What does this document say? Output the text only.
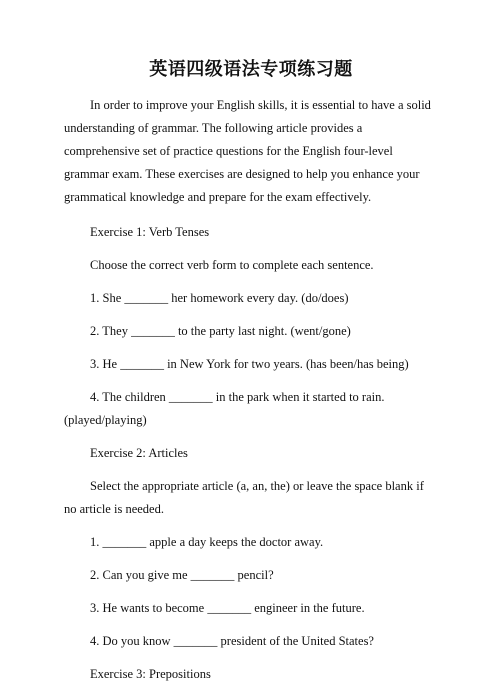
英语四级语法专项练习题

In order to improve your English skills, it is essential to have a solid understanding of grammar. The following article provides a comprehensive set of practice questions for the English four-level grammar exam. These exercises are designed to help you enhance your grammatical knowledge and prepare for the exam effectively.

Exercise 1: Verb Tenses

Choose the correct verb form to complete each sentence.

1. She _______ her homework every day. (do/does)

2. They _______ to the party last night. (went/gone)

3. He _______ in New York for two years. (has been/has being)

4. The children _______ in the park when it started to rain. (played/playing)

Exercise 2: Articles

Select the appropriate article (a, an, the) or leave the space blank if no article is needed.

1. _______ apple a day keeps the doctor away.

2. Can you give me _______ pencil?

3. He wants to become _______ engineer in the future.

4. Do you know _______ president of the United States?

Exercise 3: Prepositions
